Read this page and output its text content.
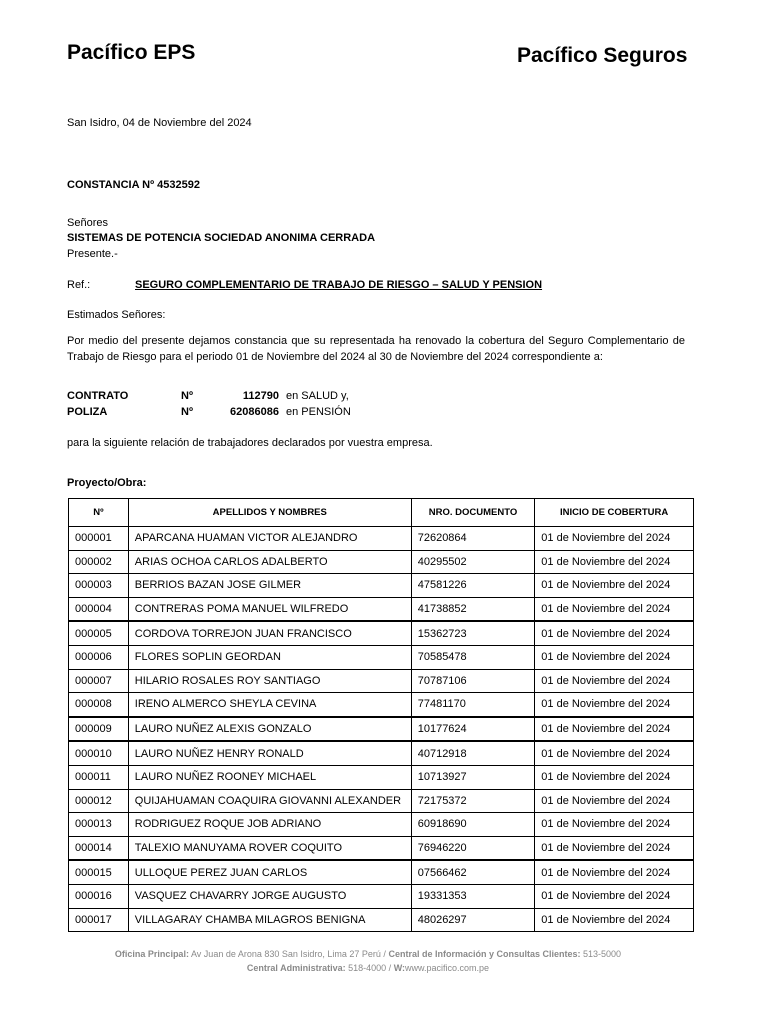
Pacífico EPS	Pacífico Seguros
San Isidro, 04 de Noviembre del 2024
CONSTANCIA Nº 4532592
Señores
SISTEMAS DE POTENCIA SOCIEDAD ANONIMA CERRADA
Presente.-
Ref.:	SEGURO COMPLEMENTARIO DE TRABAJO DE RIESGO – SALUD Y PENSION
Estimados Señores:
Por medio del presente dejamos constancia que su representada ha renovado la cobertura del Seguro Complementario de Trabajo de Riesgo para el periodo 01 de Noviembre del 2024 al 30 de Noviembre del 2024 correspondiente a:
CONTRATO	Nº	112790 en SALUD y,
POLIZA	Nº	62086086 en PENSIÓN
para la siguiente relación de trabajadores declarados por vuestra empresa.
Proyecto/Obra:
Nº	APELLIDOS Y NOMBRES	NRO. DOCUMENTO	INICIO DE COBERTURA
000001	APARCANA HUAMAN VICTOR ALEJANDRO	72620864	01 de Noviembre del 2024
000002	ARIAS OCHOA CARLOS ADALBERTO	40295502	01 de Noviembre del 2024
000003	BERRIOS BAZAN JOSE GILMER	47581226	01 de Noviembre del 2024
000004	CONTRERAS POMA MANUEL WILFREDO	41738852	01 de Noviembre del 2024
000005	CORDOVA TORREJON JUAN FRANCISCO	15362723	01 de Noviembre del 2024
000006	FLORES SOPLIN GEORDAN	70585478	01 de Noviembre del 2024
000007	HILARIO ROSALES ROY SANTIAGO	70787106	01 de Noviembre del 2024
000008	IRENO ALMERCO SHEYLA CEVINA	77481170	01 de Noviembre del 2024
000009	LAURO NUÑEZ ALEXIS GONZALO	10177624	01 de Noviembre del 2024
000010	LAURO NUÑEZ HENRY RONALD	40712918	01 de Noviembre del 2024
000011	LAURO NUÑEZ ROONEY MICHAEL	10713927	01 de Noviembre del 2024
000012	QUIJAHUAMAN COAQUIRA GIOVANNI ALEXANDER	72175372	01 de Noviembre del 2024
000013	RODRIGUEZ ROQUE JOB ADRIANO	60918690	01 de Noviembre del 2024
000014	TALEXIO MANUYAMA ROVER COQUITO	76946220	01 de Noviembre del 2024
000015	ULLOQUE PEREZ JUAN CARLOS	07566462	01 de Noviembre del 2024
000016	VASQUEZ CHAVARRY JORGE AUGUSTO	19331353	01 de Noviembre del 2024
000017	VILLAGARAY CHAMBA MILAGROS BENIGNA	48026297	01 de Noviembre del 2024
Oficina Principal: Av Juan de Arona 830 San Isidro, Lima 27 Perú / Central de Información y Consultas Clientes: 513-5000
Central Administrativa: 518-4000 / W:www.pacifico.com.pe
